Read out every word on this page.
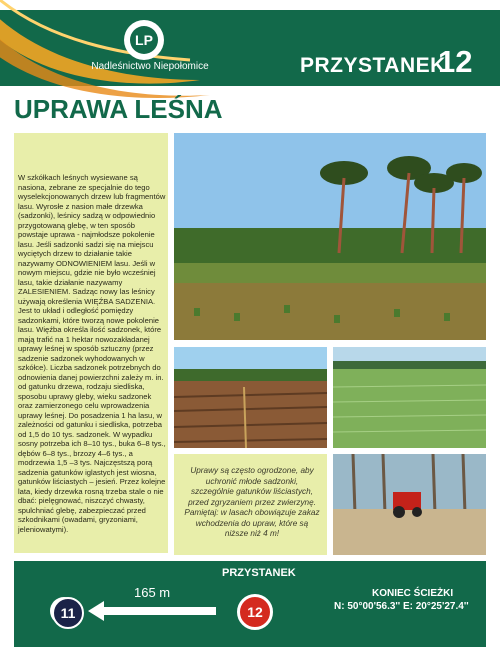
LP
Nadleśnictwo Niepołomice	PRZYSTANEK
12
UPRAWA LEŚNA

W szkółkach leśnych wysiewane są nasiona, zebrane ze specjalnie do tego wyselekcjonowanych drzew lub fragmentów lasu. Wyrosłe z nasion małe drzewka (sadzonki), leśnicy sadzą w odpowiednio przygotowaną glebę, w ten sposób powstaje uprawa - najmłodsze pokolenie lasu. Jeśli sadzonki sadzi się na miejscu wyciętych drzew to działanie takie nazywamy ODNOWIENIEM lasu. Jeśli w nowym miejscu, gdzie nie było wcześniej lasu, takie działanie nazywamy ZALESIENIEM. Sadząc nowy las leśnicy używają określenia WIĘŹBA SADZENIA. Jest to układ i odległość pomiędzy sadzonkami, które tworzą nowe pokolenie lasu. Więźba określa ilość sadzonek, które mają trafić na 1 hektar nowozakładanej uprawy leśnej w sposób sztuczny (przez sadzenie sadzonek wyhodowanych w szkółce). Liczba sadzonek potrzebnych do odnowienia danej powierzchni zależy m. in. od gatunku drzewa, rodzaju siedliska, sposobu uprawy gleby, wieku sadzonek oraz zamierzonego celu wprowadzenia uprawy leśnej. Do posadzenia 1 ha lasu, w zależności od gatunku i siedliska, potrzeba od 1,5 do 10 tys. sadzonek. W wypadku sosny potrzeba ich 8–10 tys., buka 6–8 tys., dębów 6–8 tys., brzozy 4–6 tys., a modrzewia 1,5 –3 tys. Najczęstszą porą sadzenia gatunków iglastych jest wiosna, gatunków liściastych – jesień. Przez kolejne lata, kiedy drzewka rosną trzeba stale o nie dbać: pielęgnować, niszczyć chwasty, spulchniać glebę, zabezpieczać przed szkodnikami (owadami, gryzoniami, jeleniowatymi).

Uprawy są często ogrodzone, aby uchronić młode sadzonki, szczególnie gatunków liściastych, przed zgryzaniem przez zwierzynę. Pamiętaj: w lasach obowiązuje zakaz wchodzenia do upraw, które są niższe niż 4 m!

PRZYSTANEK
165 m
11	12
KONIEC ŚCIEŻKI
N: 50°00'56.3'' E: 20°25'27.4''
